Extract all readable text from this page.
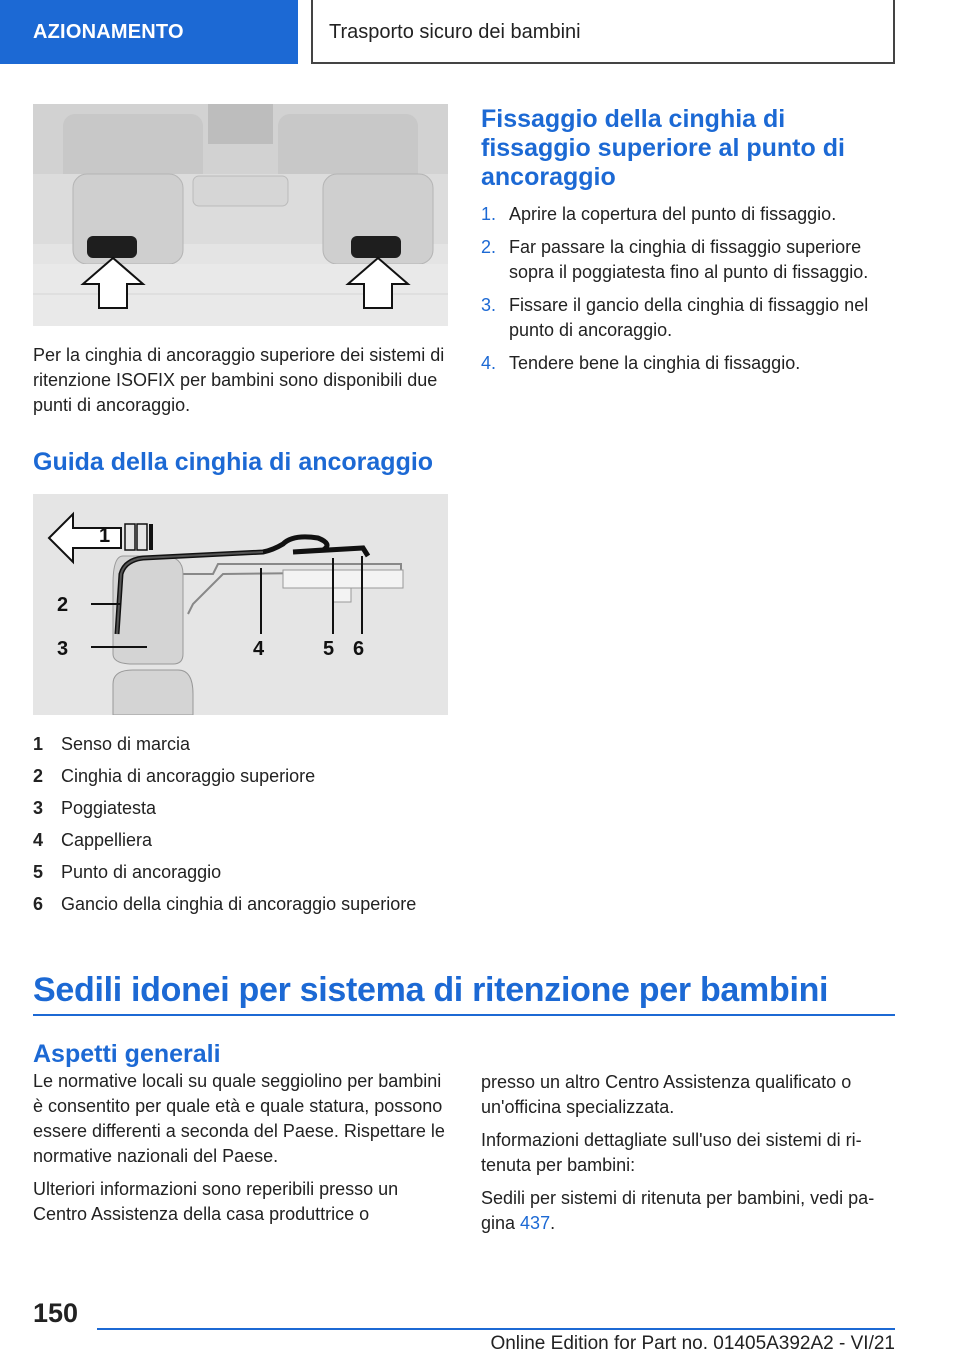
AZIONAMENTO	Trasporto sicuro dei bambini

Per la cinghia di ancoraggio superiore dei sistemi di ritenzione ISOFIX per bambini sono disponibili due punti di ancoraggio.

Guida della cinghia di ancoraggio
1
2
3	4	5 6
1 Senso di marcia
2 Cinghia di ancoraggio superiore
3 Poggiatesta
4 Cappelliera
5 Punto di ancoraggio
6 Gancio della cinghia di ancoraggio superiore
Fissaggio della cinghia di fissaggio superiore al punto di ancoraggio
1. Aprire la copertura del punto di fissaggio.
2. Far passare la cinghia di fissaggio superiore sopra il poggiatesta fino al punto di fissaggio.
3. Fissare il gancio della cinghia di fissaggio nel punto di ancoraggio.
4. Tendere bene la cinghia di fissaggio.
Sedili idonei per sistema di ritenzione per bambini
Aspetti generali

Le normative locali su quale seggiolino per bambini è consentito per quale età e quale statura, possono essere differenti a seconda del Paese. Rispettare le normative nazionali del Paese.

Ulteriori informazioni sono reperibili presso un Centro Assistenza della casa produttrice o

presso un altro Centro Assistenza qualificato o un'officina specializzata.

Informazioni dettagliate sull'uso dei sistemi di ritenuta per bambini:

Sedili per sistemi di ritenuta per bambini, vedi pagina 437.

150
Online Edition for Part no. 01405A392A2 - VI/21
